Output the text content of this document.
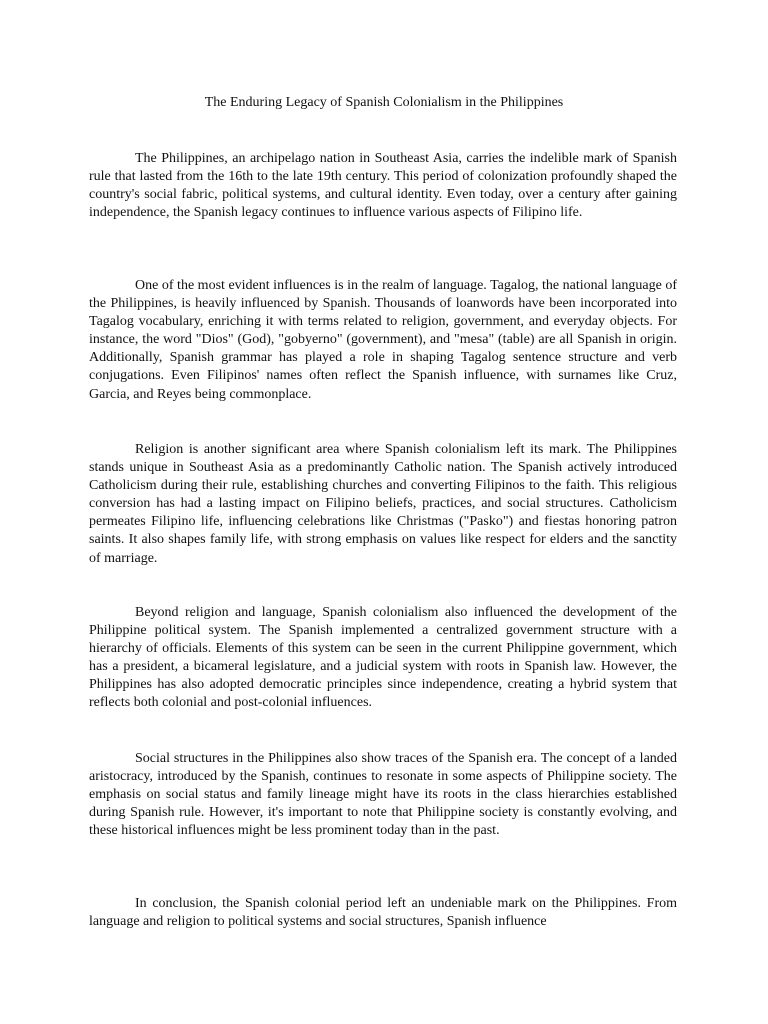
The Enduring Legacy of Spanish Colonialism in the Philippines

The Philippines, an archipelago nation in Southeast Asia, carries the indelible mark of Spanish rule that lasted from the 16th to the late 19th century. This period of colonization profoundly shaped the country's social fabric, political systems, and cultural identity. Even today, over a century after gaining independence, the Spanish legacy continues to influence various aspects of Filipino life.

One of the most evident influences is in the realm of language. Tagalog, the national language of the Philippines, is heavily influenced by Spanish. Thousands of loanwords have been incorporated into Tagalog vocabulary, enriching it with terms related to religion, government, and everyday objects. For instance, the word "Dios" (God), "gobyerno" (government), and "mesa" (table) are all Spanish in origin. Additionally, Spanish grammar has played a role in shaping Tagalog sentence structure and verb conjugations. Even Filipinos' names often reflect the Spanish influence, with surnames like Cruz, Garcia, and Reyes being commonplace.

Religion is another significant area where Spanish colonialism left its mark. The Philippines stands unique in Southeast Asia as a predominantly Catholic nation. The Spanish actively introduced Catholicism during their rule, establishing churches and converting Filipinos to the faith. This religious conversion has had a lasting impact on Filipino beliefs, practices, and social structures. Catholicism permeates Filipino life, influencing celebrations like Christmas ("Pasko") and fiestas honoring patron saints. It also shapes family life, with strong emphasis on values like respect for elders and the sanctity of marriage.

Beyond religion and language, Spanish colonialism also influenced the development of the Philippine political system. The Spanish implemented a centralized government structure with a hierarchy of officials. Elements of this system can be seen in the current Philippine government, which has a president, a bicameral legislature, and a judicial system with roots in Spanish law. However, the Philippines has also adopted democratic principles since independence, creating a hybrid system that reflects both colonial and post-colonial influences.

Social structures in the Philippines also show traces of the Spanish era. The concept of a landed aristocracy, introduced by the Spanish, continues to resonate in some aspects of Philippine society. The emphasis on social status and family lineage might have its roots in the class hierarchies established during Spanish rule. However, it's important to note that Philippine society is constantly evolving, and these historical influences might be less prominent today than in the past.

In conclusion, the Spanish colonial period left an undeniable mark on the Philippines. From language and religion to political systems and social structures, Spanish influence
